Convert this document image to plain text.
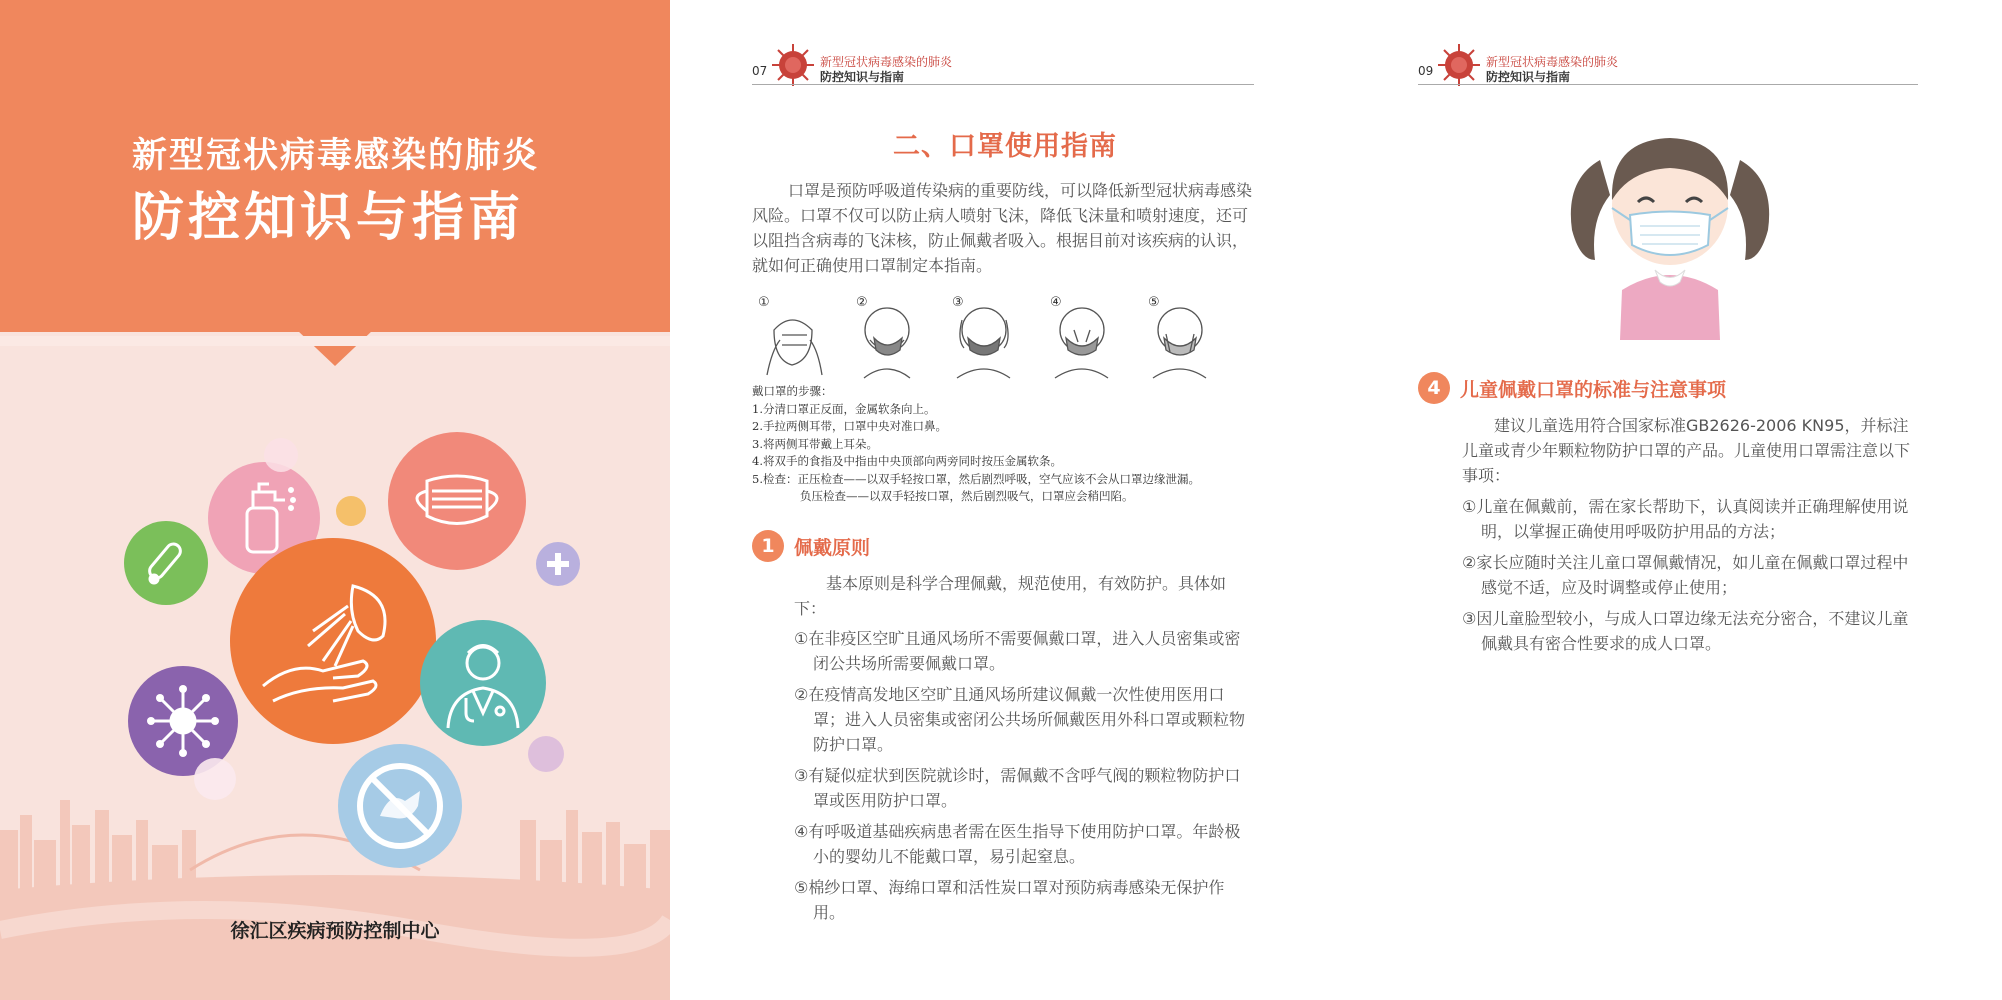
新型冠状病毒感染的肺炎
防控知识与指南
徐汇区疾病预防控制中心
07
新型冠状病毒感染的肺炎
防控知识与指南
二、口罩使用指南
口罩是预防呼吸道传染病的重要防线，可以降低新型冠状病毒感染风险。口罩不仅可以防止病人喷射飞沫，降低飞沫量和喷射速度，还可以阻挡含病毒的飞沫核，防止佩戴者吸入。根据目前对该疾病的认识，就如何正确使用口罩制定本指南。
①	②	③	④	⑤
戴口罩的步骤：
1.分清口罩正反面，金属软条向上。
2.手拉两侧耳带，口罩中央对准口鼻。
3.将两侧耳带戴上耳朵。
4.将双手的食指及中指由中央顶部向两旁同时按压金属软条。
5.检查：正压检查——以双手轻按口罩，然后剧烈呼吸，空气应该不会从口罩边缘泄漏。
负压检查——以双手轻按口罩，然后剧烈吸气，口罩应会稍凹陷。
1	佩戴原则
基本原则是科学合理佩戴，规范使用，有效防护。具体如下：
①在非疫区空旷且通风场所不需要佩戴口罩，进入人员密集或密闭公共场所需要佩戴口罩。
②在疫情高发地区空旷且通风场所建议佩戴一次性使用医用口罩；进入人员密集或密闭公共场所佩戴医用外科口罩或颗粒物防护口罩。
③有疑似症状到医院就诊时，需佩戴不含呼气阀的颗粒物防护口罩或医用防护口罩。
④有呼吸道基础疾病患者需在医生指导下使用防护口罩。年龄极小的婴幼儿不能戴口罩，易引起窒息。
⑤棉纱口罩、海绵口罩和活性炭口罩对预防病毒感染无保护作用。
09
新型冠状病毒感染的肺炎
防控知识与指南
4	儿童佩戴口罩的标准与注意事项
建议儿童选用符合国家标准GB2626-2006 KN95，并标注儿童或青少年颗粒物防护口罩的产品。儿童使用口罩需注意以下事项：
①儿童在佩戴前，需在家长帮助下，认真阅读并正确理解使用说明，以掌握正确使用呼吸防护用品的方法；
②家长应随时关注儿童口罩佩戴情况，如儿童在佩戴口罩过程中感觉不适，应及时调整或停止使用；
③因儿童脸型较小，与成人口罩边缘无法充分密合，不建议儿童佩戴具有密合性要求的成人口罩。
